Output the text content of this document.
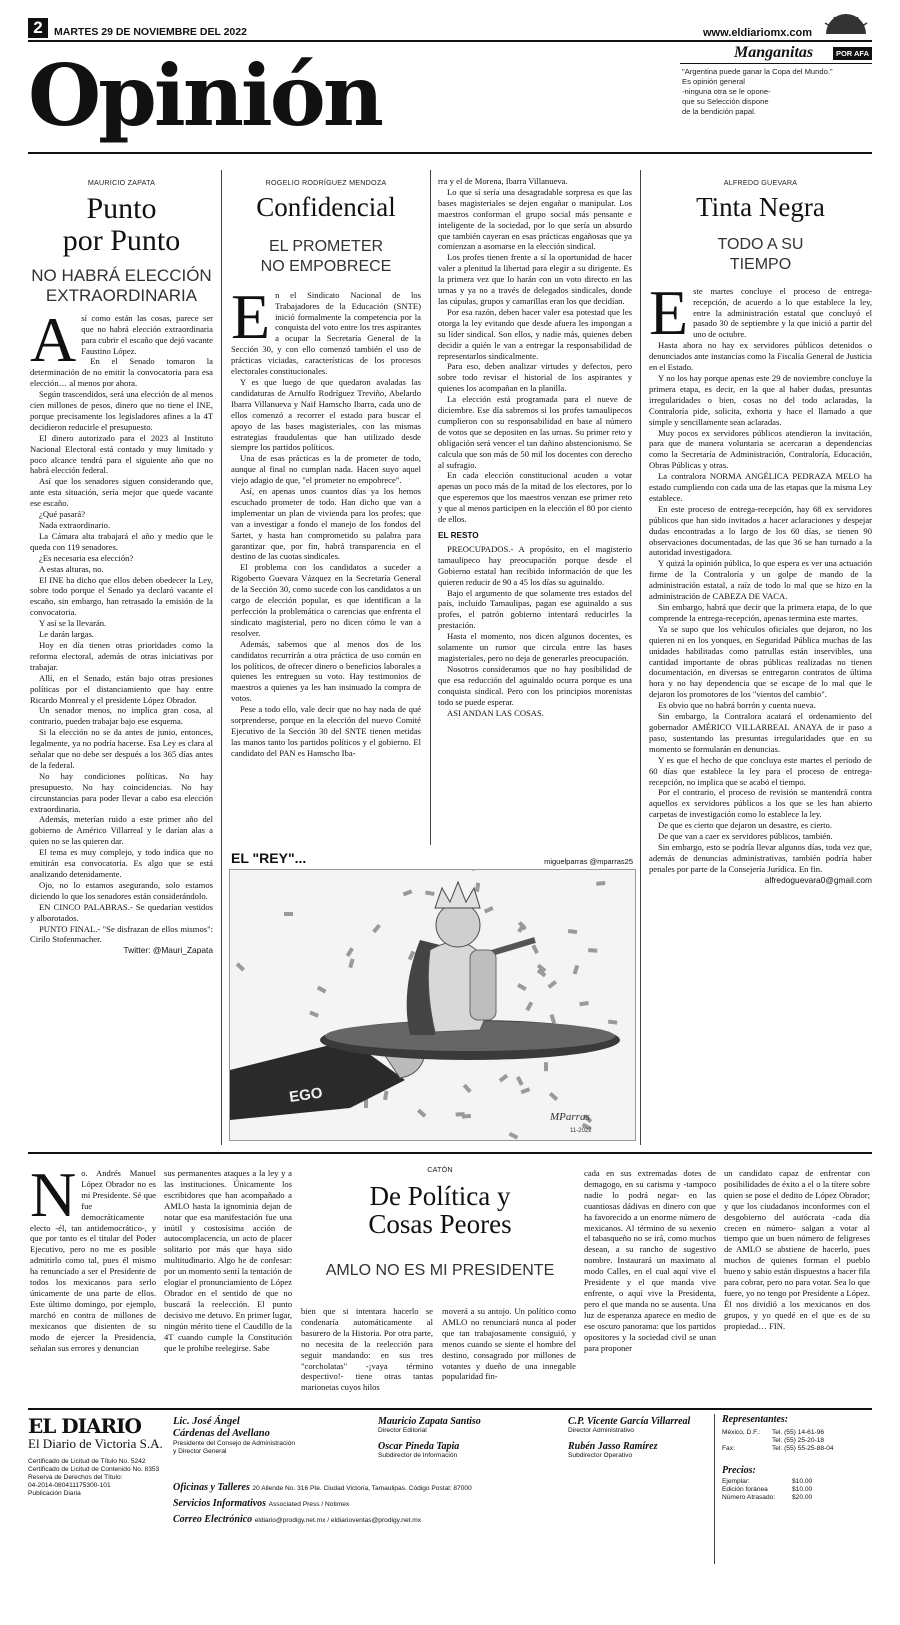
2	MARTES 29 DE NOVIEMBRE DEL 2022	www.eldiariomx.com
Opinión	Manganitas	POR AFA
"Argentina puede ganar la Copa del Mundo."
Es opinión general
-ninguna otra se le opone-
que su Selección dispone
de la bendición papal.
MAURICIO ZAPATA
Punto
por Punto
NO HABRÁ ELECCIÓN
EXTRAORDINARIA

Así como están las cosas, parece ser que no habrá elección extraordinaria para cubrir el escaño que dejó vacante Faustino López.

En el Senado tomaron la determinación de no emitir la convocatoria para esa elección… al menos por ahora.

Según trascendidos, será una elección de al menos cien millones de pesos, dinero que no tiene el INE, porque precisamente los legisladores afines a la 4T decidieron reducirle el presupuesto.

El dinero autorizado para el 2023 al Instituto Nacional Electoral está contado y muy limitado y poco alcance tendrá para el siguiente año que no habrá elección federal.

Así que los senadores siguen considerando que, ante esta situación, sería mejor que quede vacante ese escaño.

¿Qué pasará?

Nada extraordinario.

La Cámara alta trabajará el año y medio que le queda con 119 senadores.

¿Es necesaria esa elección?

A estas alturas, no.

El INE ha dicho que ellos deben obedecer la Ley, sobre todo porque el Senado ya declaró vacante el escaño, sin embargo, han retrasado la emisión de la convocatoria.

Y así se la llevarán.

Le darán largas.

Hoy en día tienen otras prioridades como la reforma electoral, además de otras iniciativas por trabajar.

Allí, en el Senado, están bajo otras presiones políticas por el distanciamiento que hay entre Ricardo Monreal y el presidente López Obrador.

Un senador menos, no implica gran cosa, al contrario, pueden trabajar bajo ese esquema.

Si la elección no se da antes de junio, entonces, legalmente, ya no podría hacerse. Esa Ley es clara al señalar que no debe ser después a los 365 días antes de la federal.

No hay condiciones políticas. No hay presupuesto. No hay coincidencias. No hay circunstancias para poder llevar a cabo esa elección extraordinaria.

Además, meterían ruido a este primer año del gobierno de Américo Villarreal y le darían alas a quien no se las quieren dar.

El tema es muy complejo, y todo indica que no emitirán esa convocatoria. Es algo que se está analizando detenidamente.

Ojo, no lo estamos asegurando, solo estamos diciendo lo que los senadores están considerándolo.

EN CINCO PALABRAS.- Se quedarían vestidos y alborotados.

PUNTO FINAL.- "Se disfrazan de ellos mismos": Cirilo Stofenmacher.

Twitter: @Mauri_Zapata
ROGELIO RODRÍGUEZ MENDOZA
Confidencial
EL PROMETER
NO EMPOBRECE

En el Sindicato Nacional de los Trabajadores de la Educación (SNTE) inició formalmente la competencia por la conquista del voto entre los tres aspirantes a ocupar la Secretaría General de la Sección 30, y con ello comenzó también el uso de prácticas viciadas, características de los procesos electorales constitucionales.

Y es que luego de que quedaron avaladas las candidaturas de Arnulfo Rodríguez Treviño, Abelardo Ibarra Villanueva y Naif Hamscho Ibarra, cada uno de ellos comenzó a recorrer el estado para buscar el apoyo de las bases magisteriales, con las mismas estrategias fraudulentas que han utilizado desde siempre los partidos políticos.

Una de esas prácticas es la de prometer de todo, aunque al final no cumplan nada. Hacen suyo aquel viejo adagio de que, "el prometer no empobrece".

Así, en apenas unos cuantos días ya los hemos escuchado prometer de todo. Han dicho que van a implementar un plan de vivienda para los profes; que van a investigar a fondo el manejo de los fondos del Sartet, y hasta han comprometido su palabra para garantizar que, por fin, habrá transparencia en el destino de las cuotas sindicales.

El problema con los candidatos a suceder a Rigoberto Guevara Vázquez en la Secretaría General de la Sección 30, como sucede con los candidatos a un cargo de elección popular, es que identifican a la perfección la problemática o carencias que enfrenta el sindicato magisterial, pero no dicen cómo le van a resolver.

Además, sabemos que al menos dos de los candidatos recurrirán a otra práctica de uso común en los políticos, de ofrecer dinero o beneficios laborales a quienes les entreguen su voto. Hay testimonios de maestros a quienes ya les han insinuado la compra de votos.

Pese a todo ello, vale decir que no hay nada de qué sorprenderse, porque en la elección del nuevo Comité Ejecutivo de la Sección 30 del SNTE tienen metidas las manos tanto los partidos políticos y el gobierno. El candidato del PAN es Hamscho Iba-

rra y el de Morena, Ibarra Villanueva.

Lo que sí sería una desagradable sorpresa es que las bases magisteriales se dejen engañar o manipular. Los maestros conforman el grupo social más pensante e inteligente de la sociedad, por lo que sería un absurdo que también cayeran en esas prácticas engañosas que ya comienzan a asomarse en la elección sindical.

Los profes tienen frente a sí la oportunidad de hacer valer a plenitud la libertad para elegir a su dirigente. Es la primera vez que lo harán con un voto directo en las urnas y ya no a través de delegados sindicales, donde las cúpulas, grupos y camarillas eran los que decidían.

Por esa razón, deben hacer valer esa potestad que les otorga la ley evitando que desde afuera les impongan a su líder sindical. Son ellos, y nadie más, quienes deben decidir a quién le van a entregar la responsabilidad de representarlos sindicalmente.

Para eso, deben analizar virtudes y defectos, pero sobre todo revisar el historial de los aspirantes y quienes los acompañan en la planilla.

La elección está programada para el nueve de diciembre. Ese día sabremos si los profes tamaulipecos cumplieron con su responsabilidad en base al número de votos que se depositen en las urnas. Su primer reto y obligación será vencer el tan dañino abstencionismo. Se calcula que son más de 50 mil los docentes con derecho al sufragio.

En cada elección constitucional acuden a votar apenas un poco más de la mitad de los electores, por lo que esperemos que los maestros venzan ese primer reto y que al menos participen en la elección el 80 por ciento de ellos.

EL RESTO

PREOCUPADOS.- A propósito, en el magisterio tamaulipeco hay preocupación porque desde el Gobierno estatal han recibido información de que les quieren reducir de 90 a 45 los días su aguinaldo.

Bajo el argumento de que solamente tres estados del país, incluido Tamaulipas, pagan ese aguinaldo a sus profes, el patrón gobierno intentará reducirles la prestación.

Hasta el momento, nos dicen algunos docentes, es solamente un rumor que circula entre las bases magisteriales, pero no deja de generarles preocupación.

Nosotros consideramos que no hay posibilidad de que esa reducción del aguinaldo ocurra porque es una conquista sindical. Pero con los principios morenistas todo se puede esperar.

ASI ANDAN LAS COSAS.

EL "REY"...	miguelparras @mparras25
EGO
MParras
11-2022
ALFREDO GUEVARA
Tinta Negra
TODO A SU
TIEMPO

Este martes concluye el proceso de entrega-recepción, de acuerdo a lo que establece la ley, entre la administración estatal que concluyó el pasado 30 de septiembre y la que inició a partir del uno de octubre.

Hasta ahora no hay ex servidores públicos detenidos o denunciados ante instancias como la Fiscalía General de Justicia en el Estado.

Y no los hay porque apenas este 29 de noviembre concluye la primera etapa, es decir, en la que al haber dudas, presuntas irregularidades o bien, cosas no del todo aclaradas, la Contraloría pide, solicita, exhorta y hace el llamado a que simple y sencillamente sean aclaradas.

Muy pocos ex servidores públicos atendieron la invitación, para que de manera voluntaria se acercaran a dependencias como la Secretaría de Administración, Contraloría, Educación, Obras Públicas y otras.

La contralora NORMA ANGÉLICA PEDRAZA MELO ha estado cumpliendo con cada una de las etapas que la misma Ley establece.

En este proceso de entrega-recepción, hay 68 ex servidores públicos que han sido invitados a hacer aclaraciones y despejar dudas encontradas a lo largo de los 60 días, se tienen 90 observaciones documentadas, de las que 36 se han turnado a la autoridad investigadora.

Y quizá la opinión pública, lo que espera es ver una actuación firme de la Contraloría y un golpe de mando de la administración estatal, a raíz de todo lo mal que se hizo en la administración de CABEZA DE VACA.

Sin embargo, habrá que decir que la primera etapa, de lo que comprende la entrega-recepción, apenas termina este martes.

Ya se supo que los vehículos oficiales que dejaron, no los quieren ni en los yonques, en Seguridad Pública muchas de las unidades habilitadas como patrullas están inservibles, una cantidad importante de obras públicas realizadas no tienen documentación, en diversas se entregaron contratos de última hora y no hay dependencia que se escape de lo mal que le dejaron los promotores de los "vientos del cambio".

Es obvio que no habrá borrón y cuenta nueva.

Sin embargo, la Contralora acatará el ordenamiento del gobernador AMÉRICO VILLARREAL ANAYA de ir paso a paso, sustentando las presuntas irregularidades que en su momento se formularán en denuncias.

Y es que el hecho de que concluya este martes el periodo de 60 días que establece la ley para el proceso de entrega-recepción, no implica que se acabó el tiempo.

Por el contrario, el proceso de revisión se mantendrá contra aquellos ex servidores públicos a los que se les han abierto carpetas de investigación como lo establece la ley.

De que es cierto que dejaron un desastre, es cierto.

De que van a caer ex servidores públicos, también.

Sin embargo, esto se podría llevar algunos días, toda vez que, además de denuncias administrativas, también podría haber penales por parte de la Consejería Jurídica. En fin.

alfredoguevara0@gmail.com

No. Andrés Manuel López Obrador no es mi Presidente. Sé que fue democráticamente electo -él, tan antidemocrático-, y que por tanto es el titular del Poder Ejecutivo, pero no me es posible admitirlo como tal, pues él mismo ha renunciado a ser el Presidente de todos los mexicanos para serlo únicamente de una parte de ellos. Este último domingo, por ejemplo, marchó en contra de millones de mexicanos que disienten de su modo de ejercer la Presidencia, señalan sus errores y denuncian

sus permanentes ataques a la ley y a las instituciones. Únicamente los escribidores que han acompañado a AMLO hasta la ignominia dejan de notar que esa manifestación fue una inútil y costosísima acción de autocomplacencia, un acto de placer solitario por más que haya sido multitudinario. Algo he de confesar: por un momento sentí la tentación de elogiar el pronunciamiento de López Obrador en el sentido de que no buscará la reelección. El punto decisivo me detuvo. En primer lugar, ningún mérito tiene el Caudillo de la 4T cuando cumple la Constitución que le prohíbe reelegirse. Sabe

CATÓN
De Política y
Cosas Peores
AMLO NO ES MI PRESIDENTE

bien que si intentara hacerlo se condenaría automáticamente al basurero de la Historia. Por otra parte, no necesita de la reelección para seguir mandando: en sus tres "corcholatas" -¡vaya término despectivo!- tiene otras tantas marionetas cuyos hilos

moverá a su antojo. Un político como AMLO no renunciará nunca al poder que tan trabajosamente consiguió, y menos cuando se siente el hombre del destino, consagrado por millones de votantes y dueño de una innegable popularidad fin-

cada en sus extremadas dotes de demagogo, en su carisma y -tampoco nadie lo podrá negar- en las cuantiosas dádivas en dinero con que ha favorecido a un enorme número de mexicanos. Al término de su sexenio el tabasqueño no se irá, como muchos desean, a su rancho de sugestivo nombre. Instaurará un maximato al modo Calles, en el cual aquí vive el Presidente y el que manda vive enfrente, o aquí vive la Presidenta, pero el que manda no se ausenta. Una luz de esperanza aparece en medio de ese oscuro panorama: que los partidos opositores y la sociedad civil se unan para proponer

un candidato capaz de enfrentar con posibilidades de éxito a el o la títere sobre quien se pose el dedito de López Obrador; y que los ciudadanos inconformes con el desgobierno del autócrata -cada día crecen en número- salgan a votar al tiempo que un buen número de feligreses de AMLO se abstiene de hacerlo, pues muchos de quienes forman el pueblo bueno y sabio están dispuestos a hacer fila para cobrar, pero no para votar. Sea lo que fuere, yo no tengo por Presidente a López. Él nos dividió a los mexicanos en dos grupos, y yo quedé en el que es de su propiedad… FIN.

EL DIARIO
El Diario de Victoria S.A.
Certificado de Licitud de Título No. 5242
Certificado de Licitud de Contenido No. 8353
Reserva de Derechos del Título:
04-2014-080411175300-101
Publicación Diaria
Lic. José Ángel
Cárdenas del Avellano
Presidente del Consejo de Administración
y Director General
Mauricio Zapata Santiso
Director Editorial
Oscar Pineda Tapia
Subdirector de Información
C.P. Vicente García Villarreal
Director Administrativo
Rubén Jasso Ramírez
Subdirector Operativo
Oficinas y Talleres 20 Allende No. 316 Pte. Ciudad Victoria, Tamaulipas. Código Postal: 87000
Servicios Informativos Associated Press / Notimex
Correo Electrónico eldiario@prodigy.net.mx / eldiarioventas@prodigy.net.mx
Representantes:
México, D.F.:	Tel. (55) 14-61-96
Tel. (55) 25-20-18
Fax:	Tel. (55) 55-25-88-04
Precios:
Ejemplar:	$10.00
Edición foránea	$10.00
Número Atrasado:	$20.00
